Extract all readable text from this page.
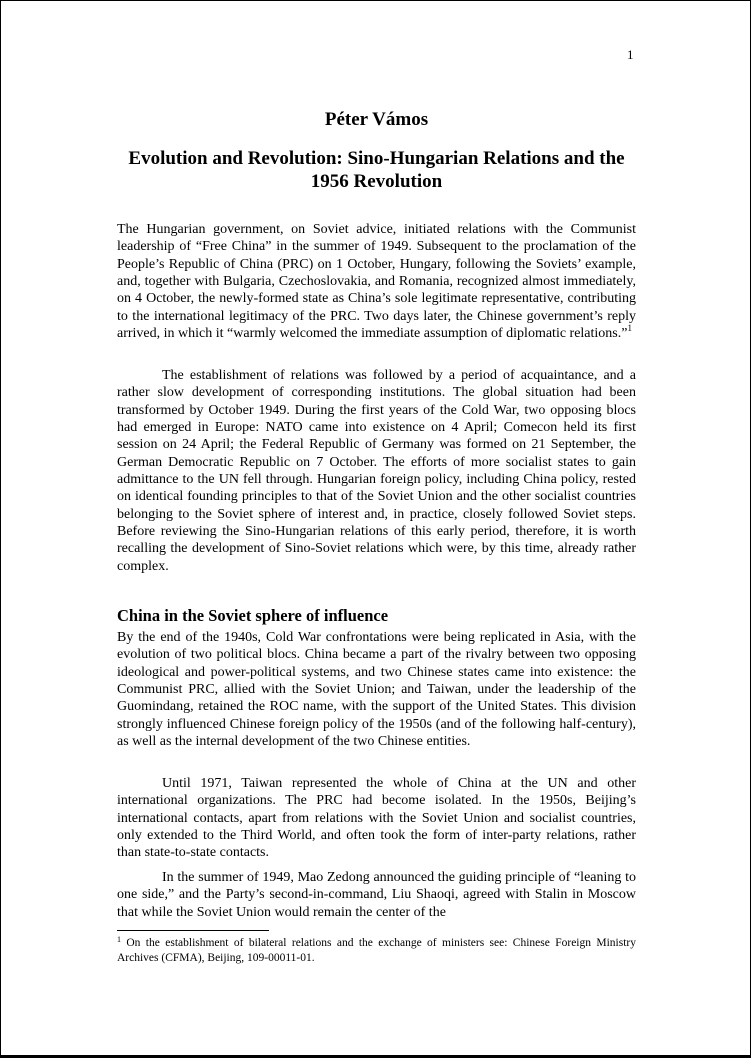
1
Péter Vámos
Evolution and Revolution: Sino-Hungarian Relations and the 1956 Revolution

The Hungarian government, on Soviet advice, initiated relations with the Communist leadership of “Free China” in the summer of 1949. Subsequent to the proclamation of the People’s Republic of China (PRC) on 1 October, Hungary, following the Soviets’ example, and, together with Bulgaria, Czechoslovakia, and Romania, recognized almost immediately, on 4 October, the newly-formed state as China’s sole legitimate representative, contributing to the international legitimacy of the PRC. Two days later, the Chinese government’s reply arrived, in which it “warmly welcomed the immediate assumption of diplomatic relations.”$^1$

The establishment of relations was followed by a period of acquaintance, and a rather slow development of corresponding institutions. The global situation had been transformed by October 1949. During the first years of the Cold War, two opposing blocs had emerged in Europe: NATO came into existence on 4 April; Comecon held its first session on 24 April; the Federal Republic of Germany was formed on 21 September, the German Democratic Republic on 7 October. The efforts of more socialist states to gain admittance to the UN fell through. Hungarian foreign policy, including China policy, rested on identical founding principles to that of the Soviet Union and the other socialist countries belonging to the Soviet sphere of interest and, in practice, closely followed Soviet steps. Before reviewing the Sino-Hungarian relations of this early period, therefore, it is worth recalling the development of Sino-Soviet relations which were, by this time, already rather complex.

China in the Soviet sphere of influence

By the end of the 1940s, Cold War confrontations were being replicated in Asia, with the evolution of two political blocs. China became a part of the rivalry between two opposing ideological and power-political systems, and two Chinese states came into existence: the Communist PRC, allied with the Soviet Union; and Taiwan, under the leadership of the Guomindang, retained the ROC name, with the support of the United States. This division strongly influenced Chinese foreign policy of the 1950s (and of the following half-century), as well as the internal development of the two Chinese entities.

Until 1971, Taiwan represented the whole of China at the UN and other international organizations. The PRC had become isolated. In the 1950s, Beijing’s international contacts, apart from relations with the Soviet Union and socialist countries, only extended to the Third World, and often took the form of inter-party relations, rather than state-to-state contacts.

In the summer of 1949, Mao Zedong announced the guiding principle of “leaning to one side,” and the Party’s second-in-command, Liu Shaoqi, agreed with Stalin in Moscow that while the Soviet Union would remain the center of the

$^1$ On the establishment of bilateral relations and the exchange of ministers see: Chinese Foreign Ministry Archives (CFMA), Beijing, 109-00011-01.
